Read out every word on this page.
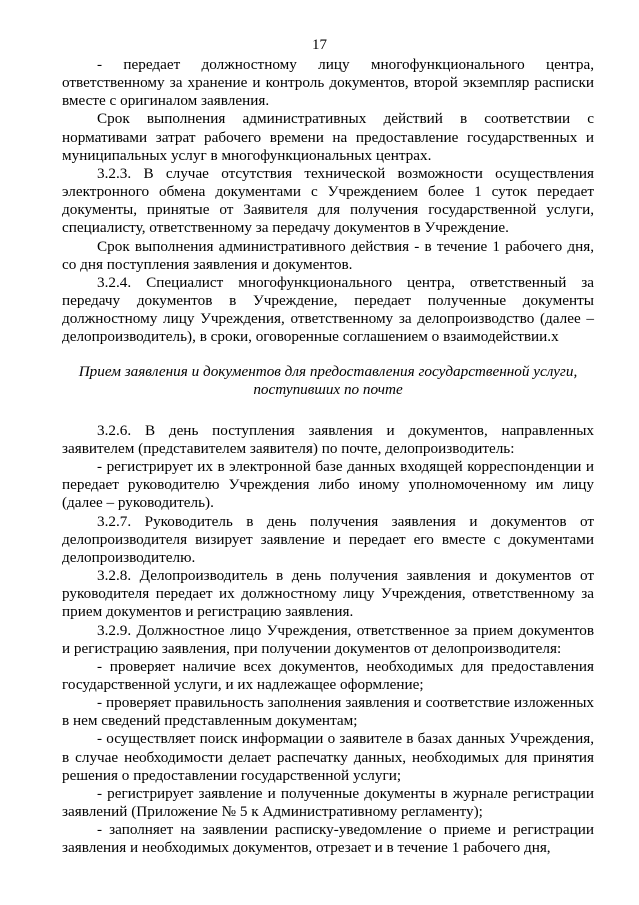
17

- передает должностному лицу многофункционального центра, ответственному за хранение и контроль документов, второй экземпляр расписки вместе с оригиналом заявления.

Срок выполнения административных действий в соответствии с нормативами затрат рабочего времени на предоставление государственных и муниципальных услуг в многофункциональных центрах.

3.2.3. В случае отсутствия технической возможности осуществления электронного обмена документами с Учреждением более 1 суток передает документы, принятые от Заявителя для получения государственной услуги, специалисту, ответственному за передачу документов в Учреждение.

Срок выполнения административного действия - в течение 1 рабочего дня, со дня поступления заявления и документов.

3.2.4. Специалист многофункционального центра, ответственный за передачу документов в Учреждение, передает полученные документы должностному лицу Учреждения, ответственному за делопроизводство (далее – делопроизводитель), в сроки, оговоренные соглашением о взаимодействии.х

Прием заявления и документов для предоставления государственной услуги, поступивших по почте

3.2.6. В день поступления заявления и документов, направленных заявителем (представителем заявителя) по почте, делопроизводитель:

- регистрирует их в электронной базе данных входящей корреспонденции и передает руководителю Учреждения либо иному уполномоченному им лицу (далее – руководитель).

3.2.7. Руководитель в день получения заявления и документов от делопроизводителя визирует заявление и передает его вместе с документами делопроизводителю.

3.2.8. Делопроизводитель в день получения заявления и документов от руководителя передает их должностному лицу Учреждения, ответственному за прием документов и регистрацию заявления.

3.2.9. Должностное лицо Учреждения, ответственное за прием документов и регистрацию заявления, при получении документов от делопроизводителя:

- проверяет наличие всех документов, необходимых для предоставления государственной услуги, и их надлежащее оформление;

- проверяет правильность заполнения заявления и соответствие изложенных в нем сведений представленным документам;

- осуществляет поиск информации о заявителе в базах данных Учреждения, в случае необходимости делает распечатку данных, необходимых для принятия решения о предоставлении государственной услуги;

- регистрирует заявление и полученные документы в журнале регистрации заявлений (Приложение № 5 к Административному регламенту);

- заполняет на заявлении расписку-уведомление о приеме и регистрации заявления и необходимых документов, отрезает и в течение 1 рабочего дня,
